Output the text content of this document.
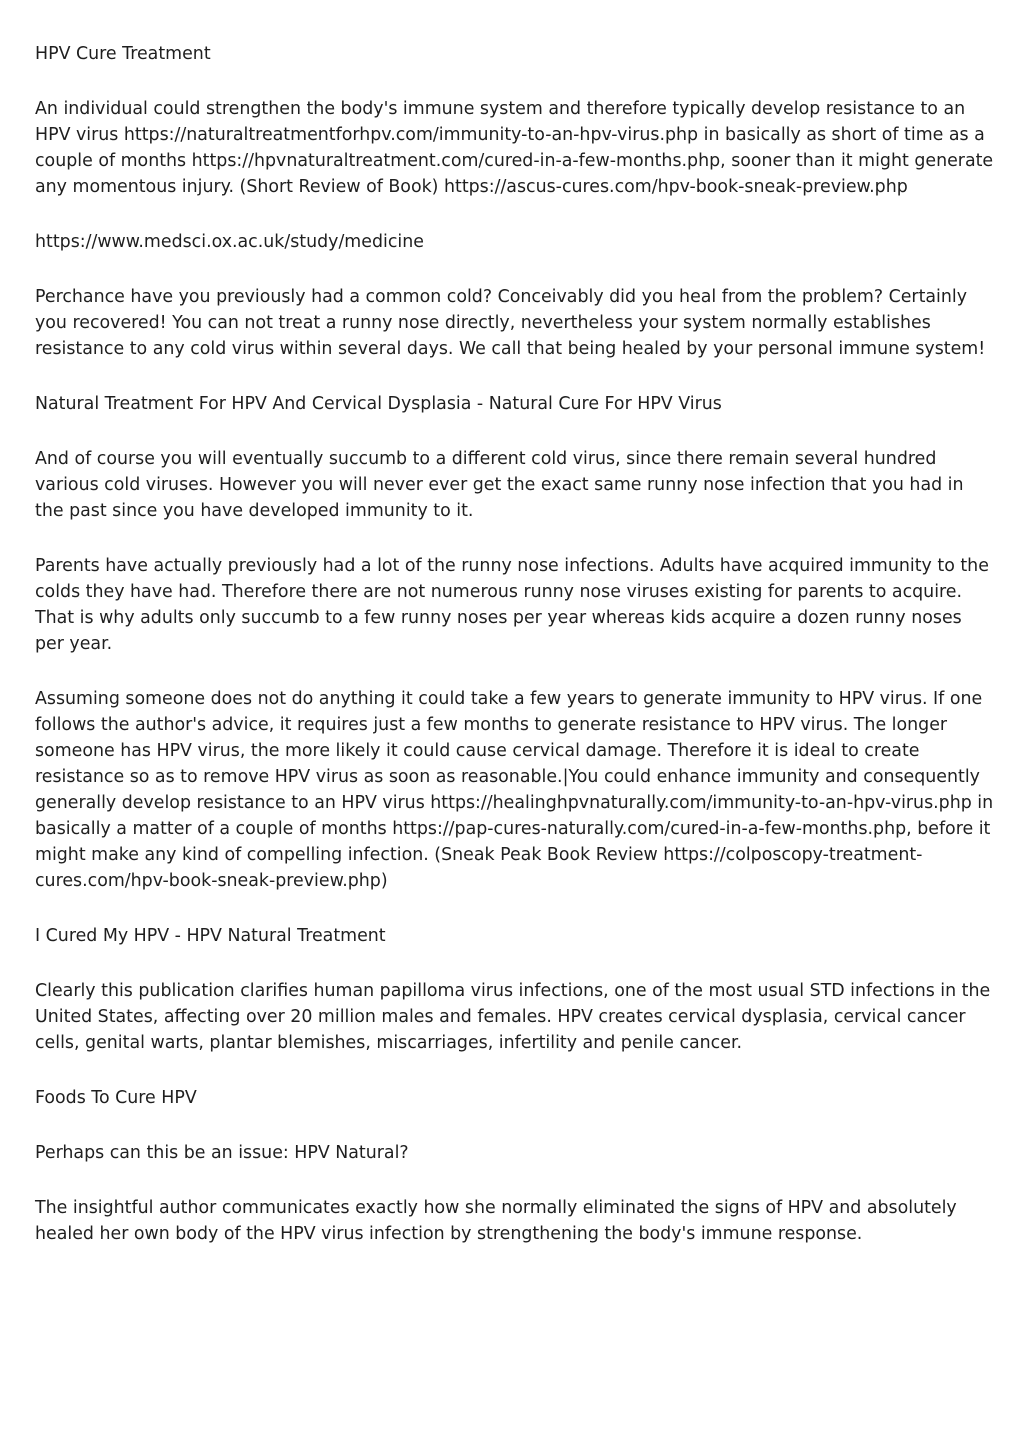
HPV Cure Treatment

An individual could strengthen the body's immune system and therefore typically develop resistance to an HPV virus https://naturaltreatmentforhpv.com/immunity-to-an-hpv-virus.php in basically as short of time as a couple of months https://hpvnaturaltreatment.com/cured-in-a-few-months.php, sooner than it might generate any momentous injury. (Short Review of Book) https://ascus-cures.com/hpv-book-sneak-preview.php

https://www.medsci.ox.ac.uk/study/medicine

Perchance have you previously had a common cold? Conceivably did you heal from the problem? Certainly you recovered! You can not treat a runny nose directly, nevertheless your system normally establishes resistance to any cold virus within several days. We call that being healed by your personal immune system!

Natural Treatment For HPV And Cervical Dysplasia - Natural Cure For HPV Virus

And of course you will eventually succumb to a different cold virus, since there remain several hundred various cold viruses. However you will never ever get the exact same runny nose infection that you had in the past since you have developed immunity to it.

Parents have actually previously had a lot of the runny nose infections. Adults have acquired immunity to the colds they have had. Therefore there are not numerous runny nose viruses existing for parents to acquire. That is why adults only succumb to a few runny noses per year whereas kids acquire a dozen runny noses per year.

Assuming someone does not do anything it could take a few years to generate immunity to HPV virus. If one follows the author's advice, it requires just a few months to generate resistance to HPV virus. The longer someone has HPV virus, the more likely it could cause cervical damage. Therefore it is ideal to create resistance so as to remove HPV virus as soon as reasonable.|You could enhance immunity and consequently generally develop resistance to an HPV virus https://healinghpvnaturally.com/immunity-to-an-hpv-virus.php in basically a matter of a couple of months https://pap-cures-naturally.com/cured-in-a-few-months.php, before it might make any kind of compelling infection. (Sneak Peak Book Review https://colposcopy-treatment-cures.com/hpv-book-sneak-preview.php)

I Cured My HPV - HPV Natural Treatment

Clearly this publication clarifies human papilloma virus infections, one of the most usual STD infections in the United States, affecting over 20 million males and females. HPV creates cervical dysplasia, cervical cancer cells, genital warts, plantar blemishes, miscarriages, infertility and penile cancer.

Foods To Cure HPV

Perhaps can this be an issue: HPV Natural?

The insightful author communicates exactly how she normally eliminated the signs of HPV and absolutely healed her own body of the HPV virus infection by strengthening the body's immune response.
